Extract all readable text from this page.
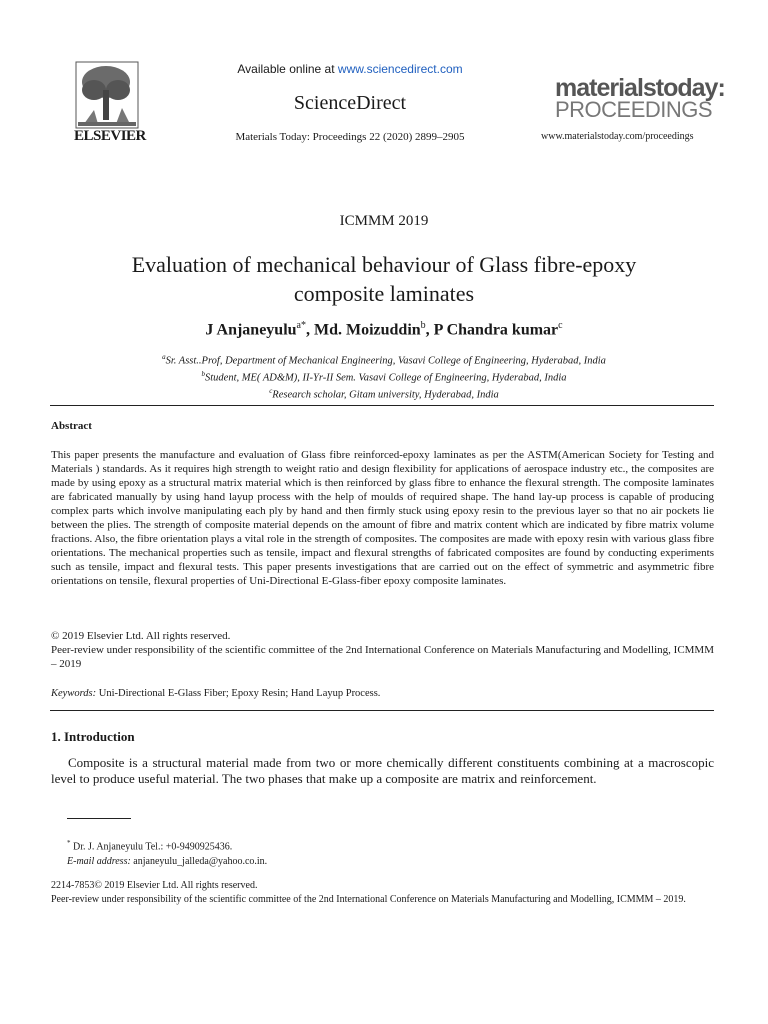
ELSEVIER
Available online at www.sciencedirect.com
ScienceDirect
Materials Today: Proceedings 22 (2020) 2899–2905
materialstoday:
PROCEEDINGS
www.materialstoday.com/proceedings
ICMMM 2019
Evaluation of mechanical behaviour of Glass fibre-epoxy composite laminates
J Anjaneyulu$^{a*}$, Md. Moizuddin$^b$, P Chandra kumar$^c$
$^a$Sr. Asst..Prof, Department of Mechanical Engineering, Vasavi College of Engineering, Hyderabad, India
$^b$Student, ME( AD&M), II-Yr-II Sem. Vasavi College of Engineering, Hyderabad, India
$^c$Research scholar, Gitam university, Hyderabad, India
Abstract

This paper presents the manufacture and evaluation of Glass fibre reinforced-epoxy laminates as per the ASTM(American Society for Testing and Materials ) standards. As it requires high strength to weight ratio and design flexibility for applications of aerospace industry etc., the composites are made by using epoxy as a structural matrix material which is then reinforced by glass fibre to enhance the flexural strength. The composite laminates are fabricated manually by using hand layup process with the help of moulds of required shape. The hand lay-up process is capable of producing complex parts which involve manipulating each ply by hand and then firmly stuck using epoxy resin to the previous layer so that no air pockets lie between the plies. The strength of composite material depends on the amount of fibre and matrix content which are indicated by fibre matrix volume fractions. Also, the fibre orientation plays a vital role in the strength of composites. The composites are made with epoxy resin with various glass fibre orientations. The mechanical properties such as tensile, impact and flexural strengths of fabricated composites are found by conducting experiments such as tensile, impact and flexural tests. This paper presents investigations that are carried out on the effect of symmetric and asymmetric fibre orientations on tensile, flexural properties of Uni-Directional E-Glass-fiber epoxy composite laminates.

© 2019 Elsevier Ltd. All rights reserved.
Peer-review under responsibility of the scientific committee of the 2nd International Conference on Materials Manufacturing and Modelling, ICMMM – 2019
Keywords: Uni-Directional E-Glass Fiber; Epoxy Resin; Hand Layup Process.
1. Introduction

Composite is a structural material made from two or more chemically different constituents combining at a macroscopic level to produce useful material. The two phases that make up a composite are matrix and reinforcement.

* Dr. J. Anjaneyulu Tel.: +0-9490925436.
E-mail address: anjaneyulu_jalleda@yahoo.co.in.
2214-7853© 2019 Elsevier Ltd. All rights reserved.
Peer-review under responsibility of the scientific committee of the 2nd International Conference on Materials Manufacturing and Modelling, ICMMM – 2019.
